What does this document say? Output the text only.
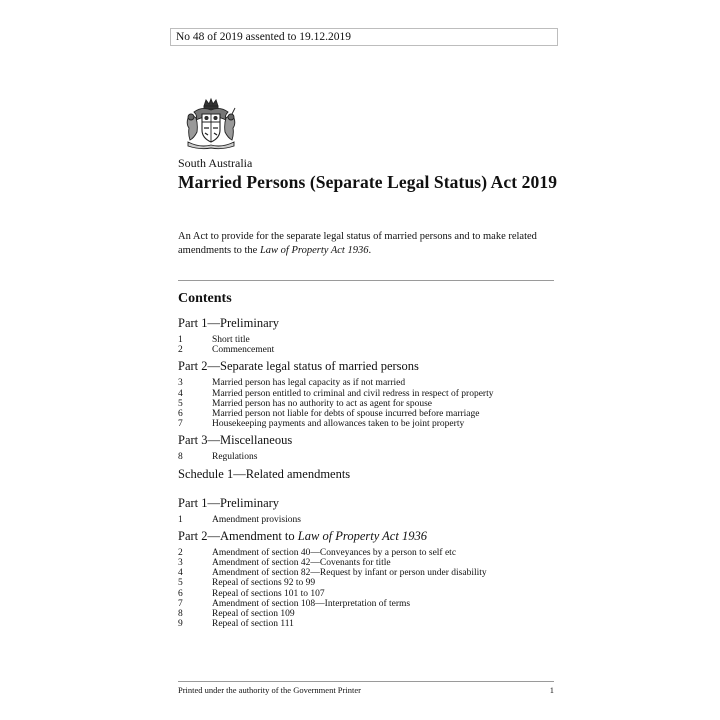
No 48 of 2019 assented to 19.12.2019
South Australia
Married Persons (Separate Legal Status) Act 2019
An Act to provide for the separate legal status of married persons and to make related amendments to the Law of Property Act 1936.
Contents
Part 1—Preliminary
1	Short title
2	Commencement
Part 2—Separate legal status of married persons
3	Married person has legal capacity as if not married
4	Married person entitled to criminal and civil redress in respect of property
5	Married person has no authority to act as agent for spouse
6	Married person not liable for debts of spouse incurred before marriage
7	Housekeeping payments and allowances taken to be joint property
Part 3—Miscellaneous
8	Regulations
Schedule 1—Related amendments
Part 1—Preliminary
1	Amendment provisions
Part 2—Amendment to Law of Property Act 1936
2	Amendment of section 40—Conveyances by a person to self etc
3	Amendment of section 42—Covenants for title
4	Amendment of section 82—Request by infant or person under disability
5	Repeal of sections 92 to 99
6	Repeal of sections 101 to 107
7	Amendment of section 108—Interpretation of terms
8	Repeal of section 109
9	Repeal of section 111
Printed under the authority of the Government Printer	1
